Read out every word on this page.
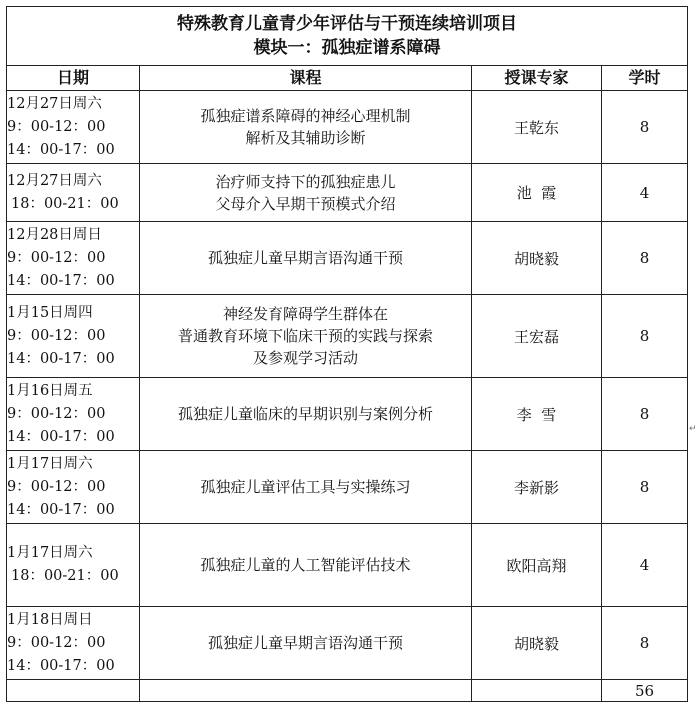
特殊教育儿童青少年评估与干预连续培训项目
模块一：孤独症谱系障碍			

日期	课程	授课专家	学时

12月27日周六
9：00-12：00
14：00-17：00	孤独症谱系障碍的神经心理机制
解析及其辅助诊断	王乾东	8

12月27日周六
18：00-21：00	治疗师支持下的孤独症患儿
父母介入早期干预模式介绍	池  霞	4

12月28日周日
9：00-12：00
14：00-17：00	孤独症儿童早期言语沟通干预	胡晓毅	8

1月15日周四
9：00-12：00
14：00-17：00	神经发育障碍学生群体在
普通教育环境下临床干预的实践与探索
及参观学习活动	王宏磊	8

1月16日周五
9：00-12：00
14：00-17：00	孤独症儿童临床的早期识别与案例分析	李  雪	8

1月17日周六
9：00-12：00
14：00-17：00	孤独症儿童评估工具与实操练习	李新影	8

1月17日周六
18：00-21：00	孤独症儿童的人工智能评估技术	欧阳高翔	4

1月18日周日
9：00-12：00
14：00-17：00	孤独症儿童早期言语沟通干预	胡晓毅	8
			56
↵
